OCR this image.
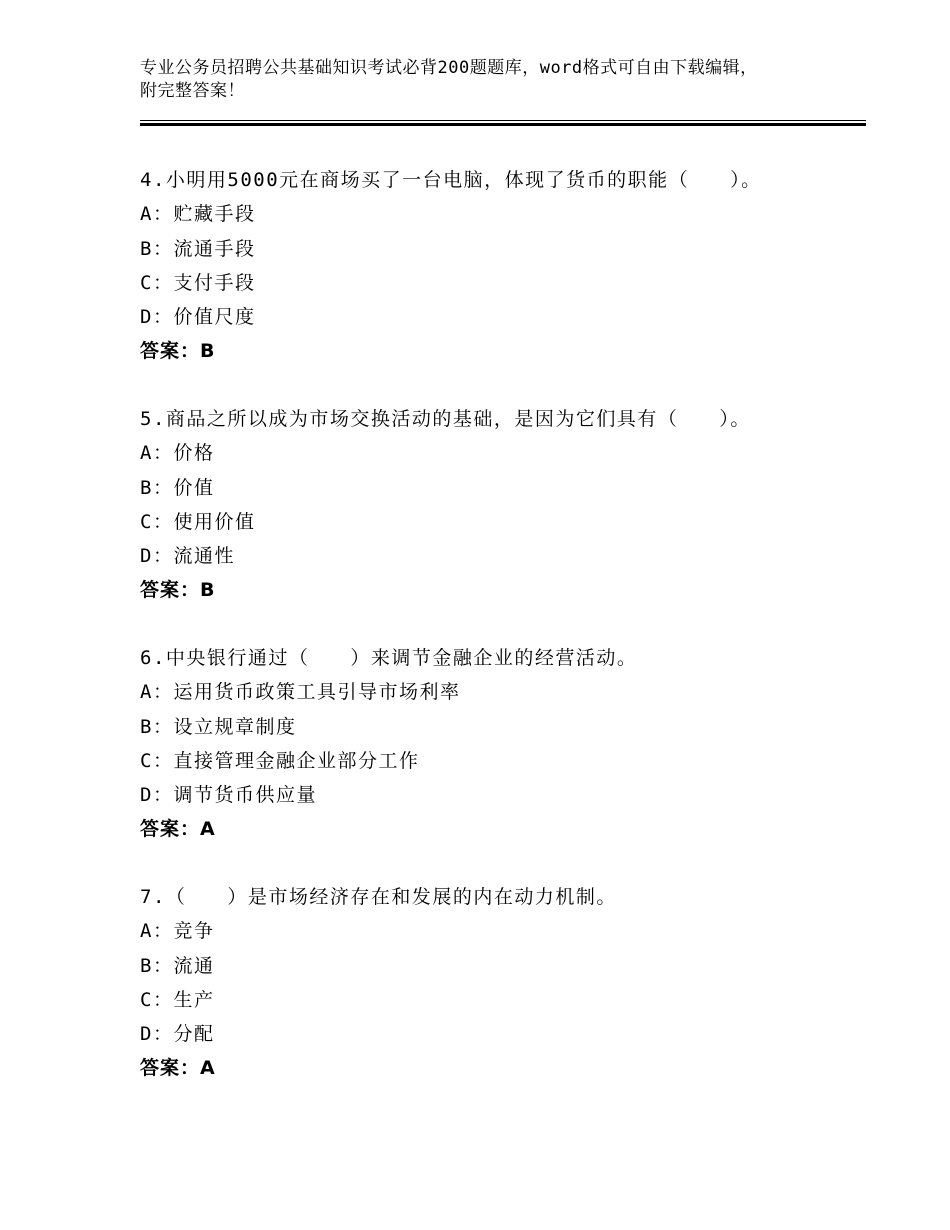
专业公务员招聘公共基础知识考试必背200题题库，word格式可自由下载编辑，
附完整答案！
4.小明用5000元在商场买了一台电脑，体现了货币的职能（　　）。
A：贮藏手段
B：流通手段
C：支付手段
D：价值尺度
答案：B
5.商品之所以成为市场交换活动的基础，是因为它们具有（　　）。
A：价格
B：价值
C：使用价值
D：流通性
答案：B
6.中央银行通过（　　）来调节金融企业的经营活动。
A：运用货币政策工具引导市场利率
B：设立规章制度
C：直接管理金融企业部分工作
D：调节货币供应量
答案：A
7.（　　）是市场经济存在和发展的内在动力机制。
A：竞争
B：流通
C：生产
D：分配
答案：A
